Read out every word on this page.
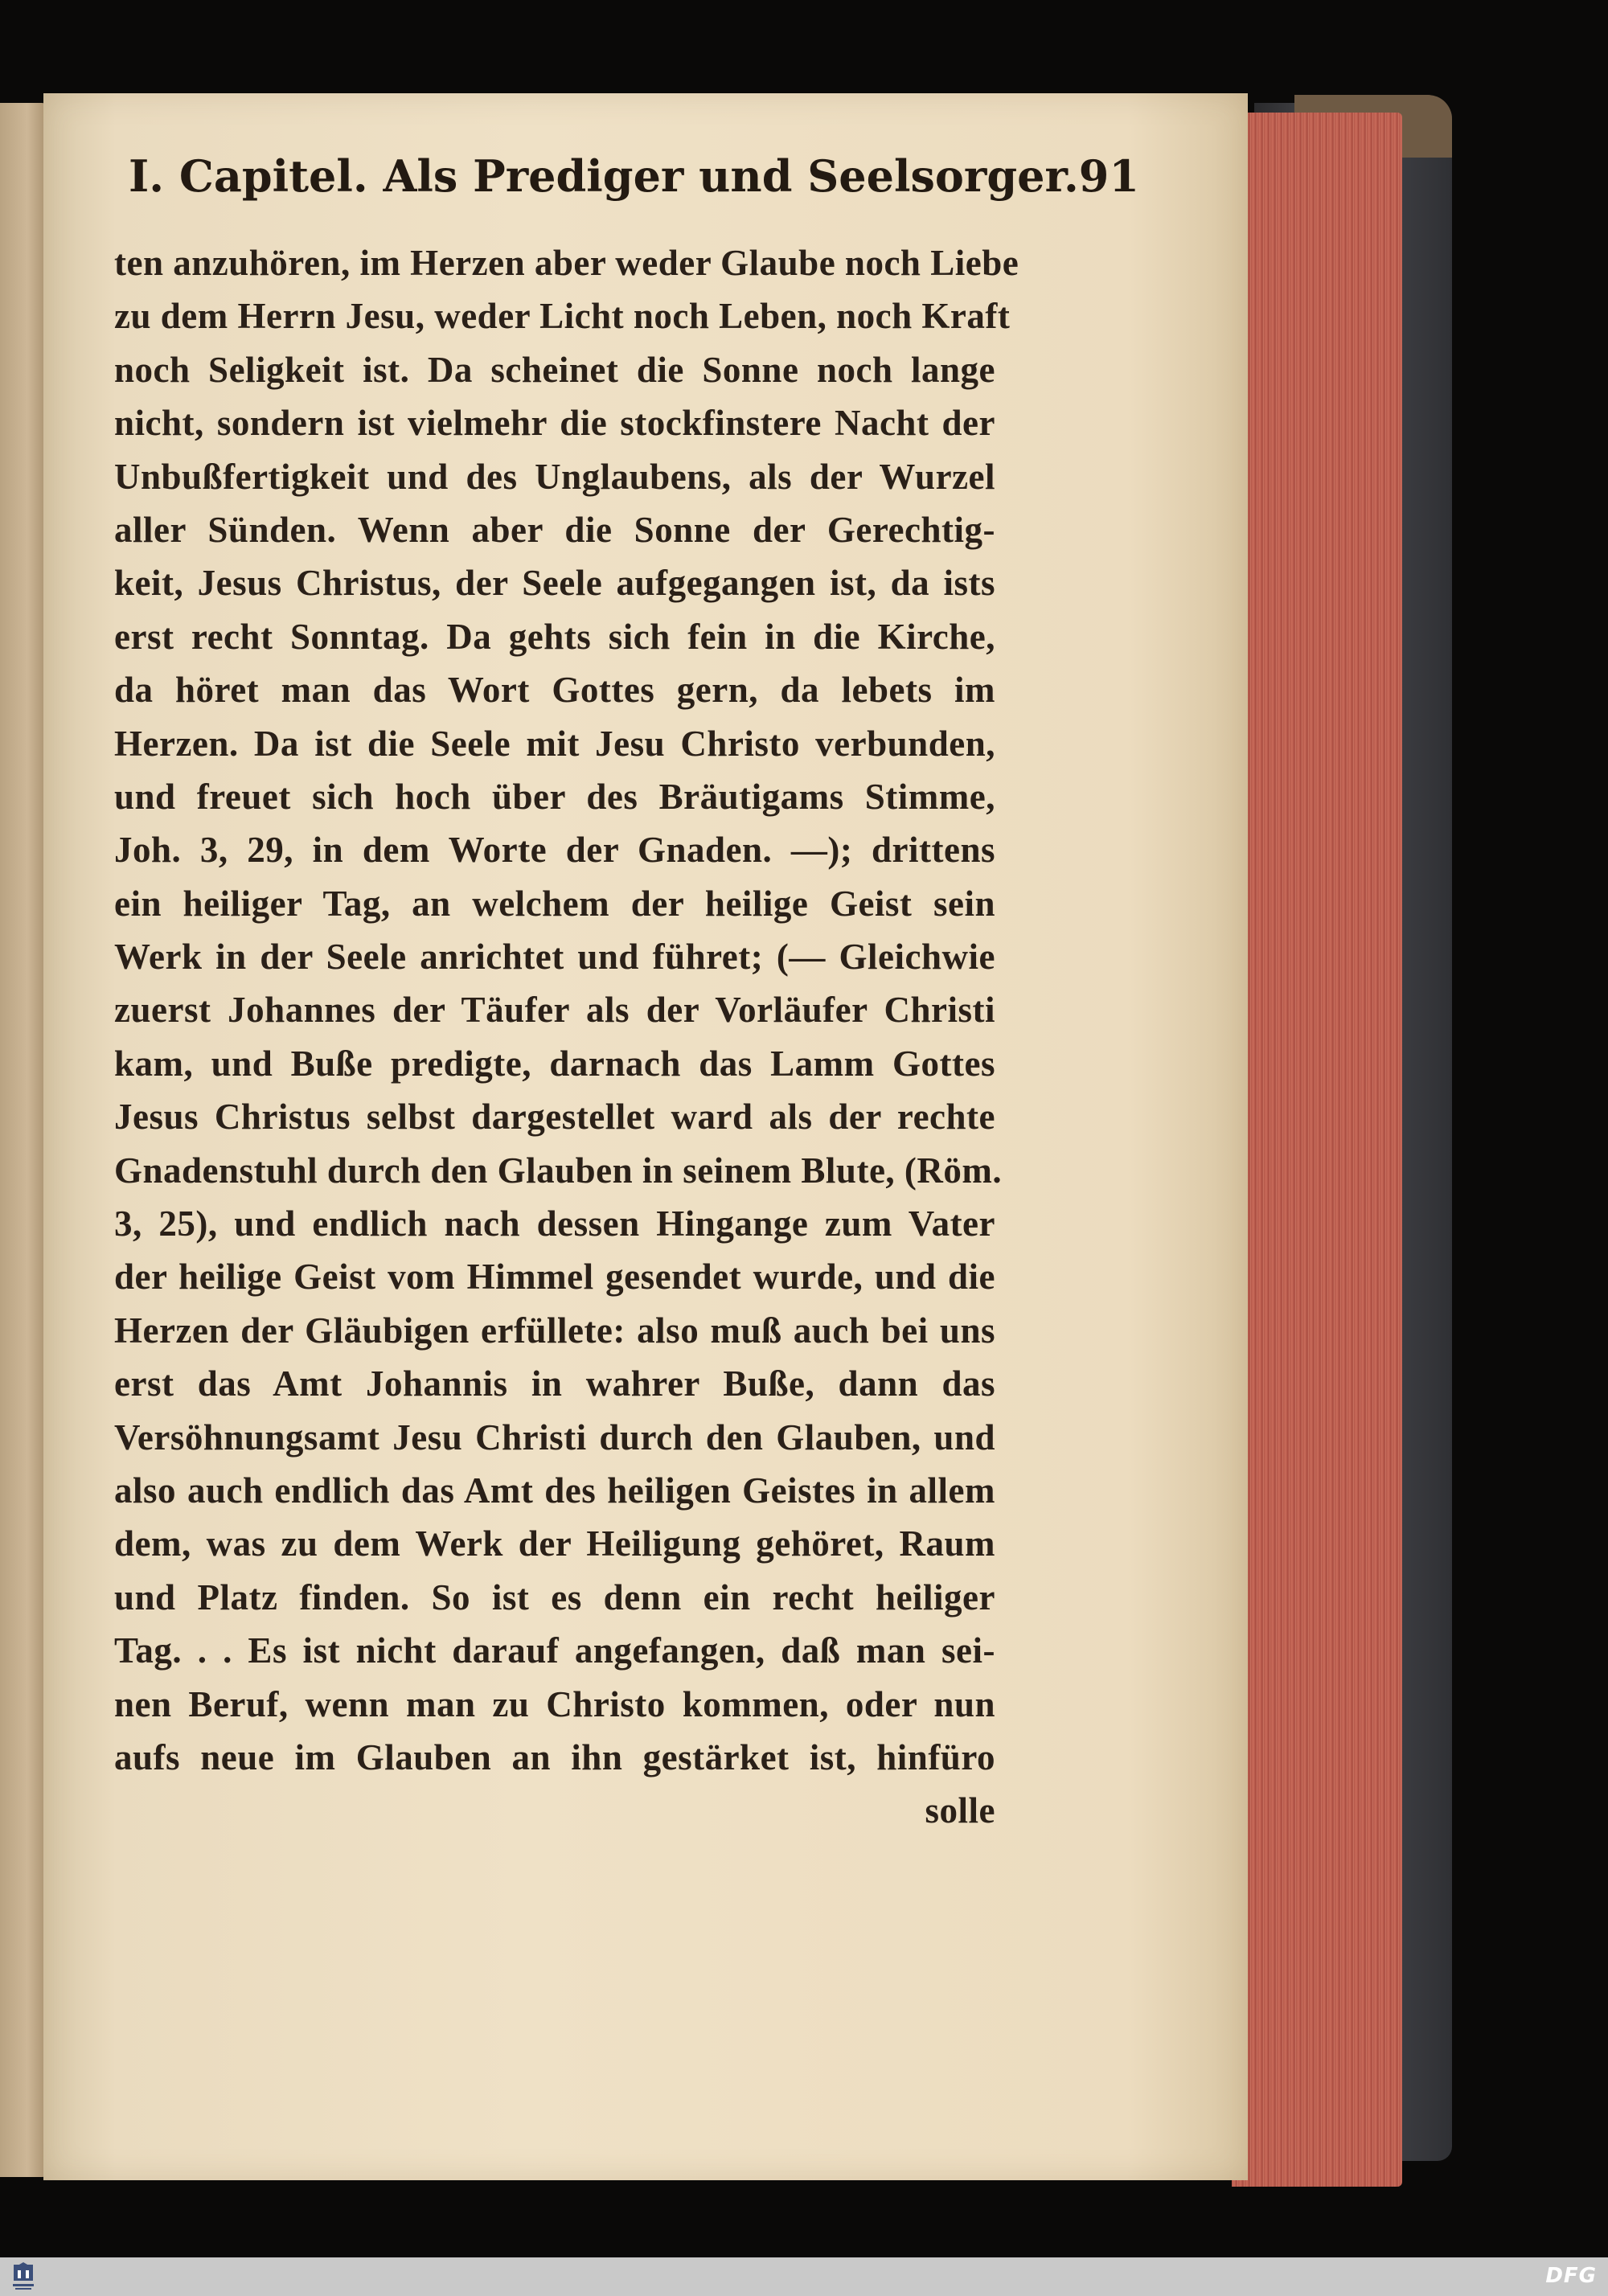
I. Capitel. Als Prediger und Seelsorger. 91
ten anzuhören, im Herzen aber weder Glaube noch Liebe
zu dem Herrn Jesu, weder Licht noch Leben, noch Kraft
noch Seligkeit ist. Da scheinet die Sonne noch lange
nicht, sondern ist vielmehr die stockfinstere Nacht der
Unbußfertigkeit und des Unglaubens, als der Wurzel
aller Sünden. Wenn aber die Sonne der Gerechtig-
keit, Jesus Christus, der Seele aufgegangen ist, da ists
erst recht Sonntag. Da gehts sich fein in die Kirche,
da höret man das Wort Gottes gern, da lebets im
Herzen. Da ist die Seele mit Jesu Christo verbunden,
und freuet sich hoch über des Bräutigams Stimme,
Joh. 3, 29, in dem Worte der Gnaden. —); drittens
ein heiliger Tag, an welchem der heilige Geist sein
Werk in der Seele anrichtet und führet; (— Gleichwie
zuerst Johannes der Täufer als der Vorläufer Christi
kam, und Buße predigte, darnach das Lamm Gottes
Jesus Christus selbst dargestellet ward als der rechte
Gnadenstuhl durch den Glauben in seinem Blute, (Röm.
3, 25), und endlich nach dessen Hingange zum Vater
der heilige Geist vom Himmel gesendet wurde, und die
Herzen der Gläubigen erfüllete: also muß auch bei uns
erst das Amt Johannis in wahrer Buße, dann das
Versöhnungsamt Jesu Christi durch den Glauben, und
also auch endlich das Amt des heiligen Geistes in allem
dem, was zu dem Werk der Heiligung gehöret, Raum
und Platz finden. So ist es denn ein recht heiliger
Tag. . . Es ist nicht darauf angefangen, daß man sei-
nen Beruf, wenn man zu Christo kommen, oder nun
aufs neue im Glauben an ihn gestärket ist, hinfüro
solle
DFG
